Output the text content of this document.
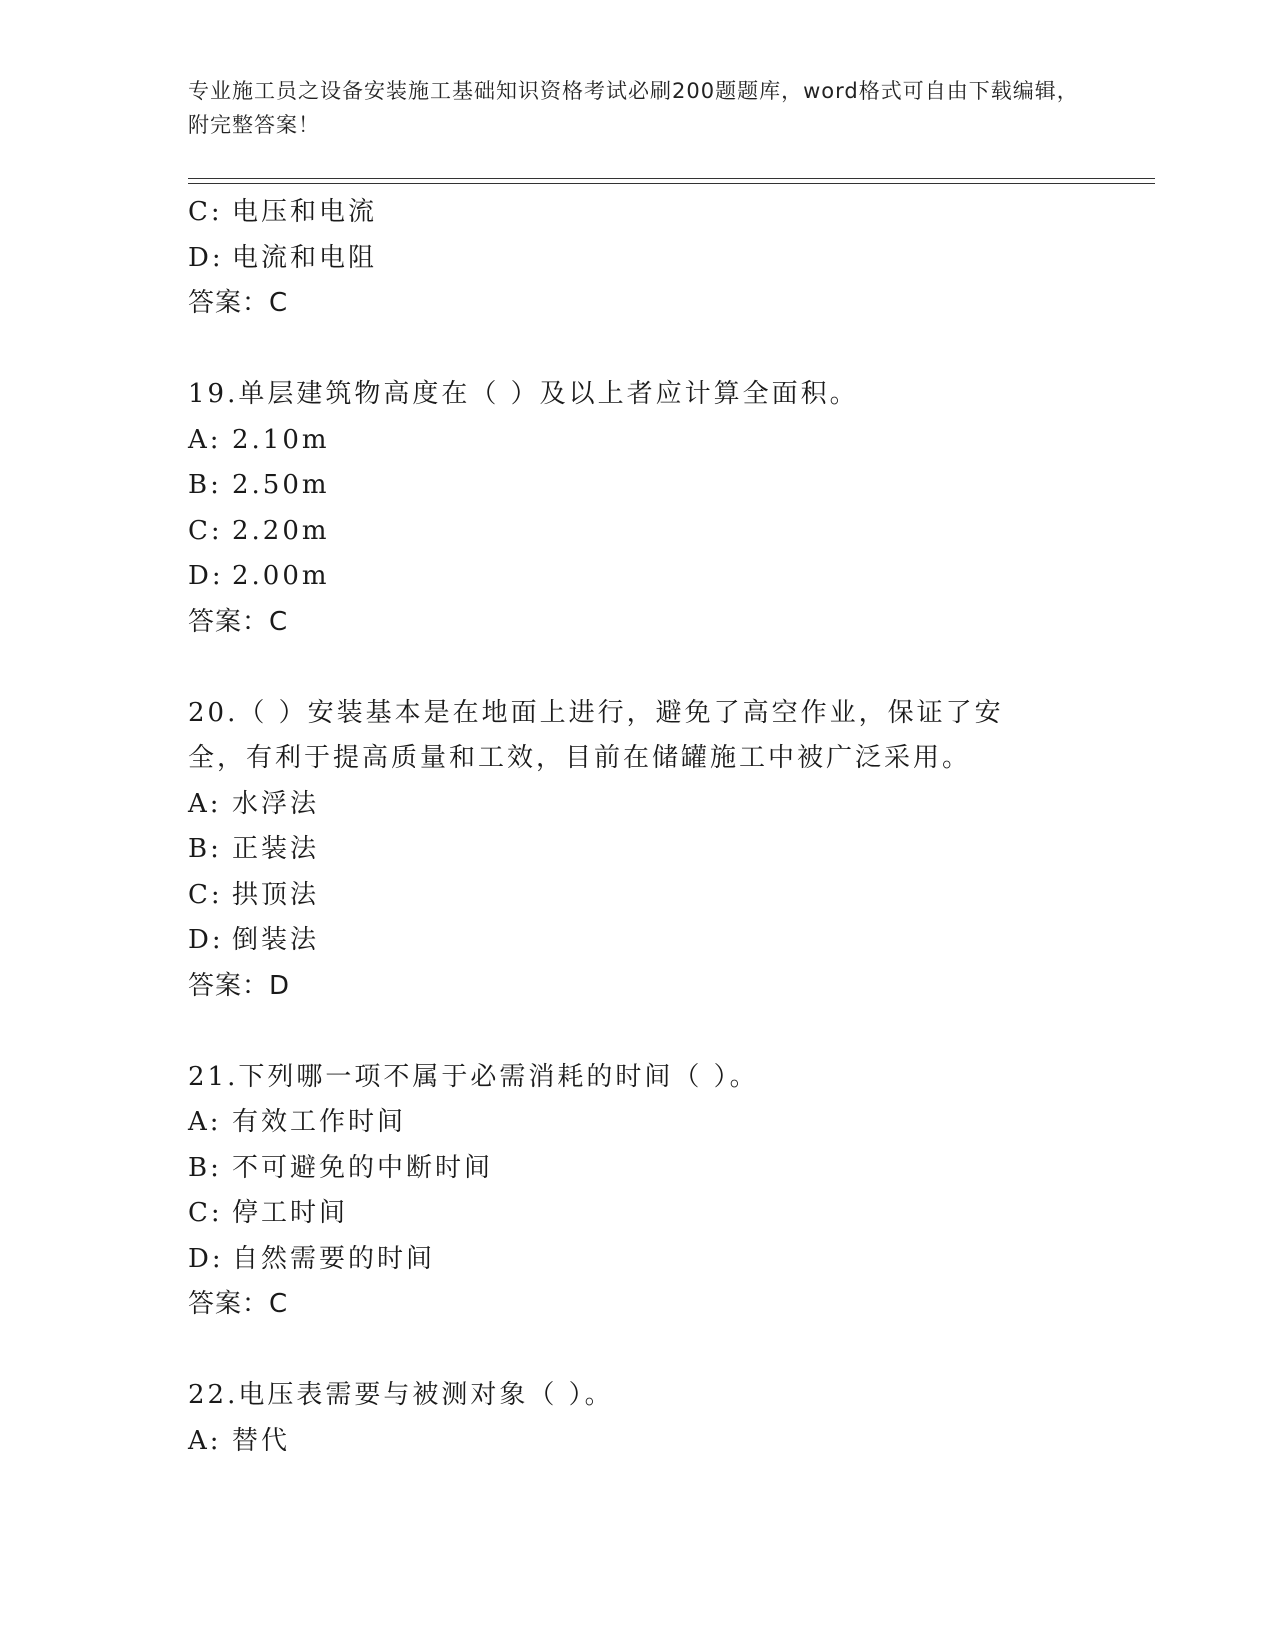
专业施工员之设备安装施工基础知识资格考试必刷200题题库，word格式可自由下载编辑，附完整答案！
C: 电压和电流
D: 电流和电阻
答案：C
19.单层建筑物高度在（ ）及以上者应计算全面积。
A: 2.10m
B: 2.50m
C: 2.20m
D: 2.00m
答案：C
20.（ ）安装基本是在地面上进行，避免了高空作业，保证了安全，有利于提高质量和工效，目前在储罐施工中被广泛采用。
A: 水浮法
B: 正装法
C: 拱顶法
D: 倒装法
答案：D
21.下列哪一项不属于必需消耗的时间（ ）。
A: 有效工作时间
B: 不可避免的中断时间
C: 停工时间
D: 自然需要的时间
答案：C
22.电压表需要与被测对象（ ）。
A: 替代
